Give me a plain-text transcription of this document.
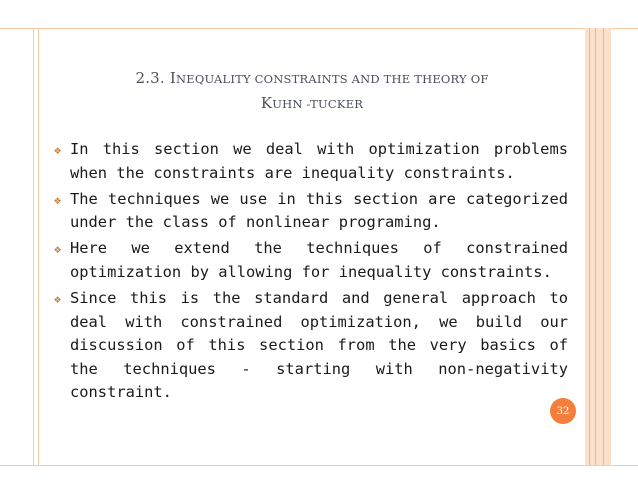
2.3. INEQUALITY CONSTRAINTS AND THE THEORY OF
KUHN -TUCKER
❖ In this section we deal with optimization problems when the constraints are inequality constraints.
❖ The techniques we use in this section are categorized under the class of nonlinear programing.
❖ Here we extend the techniques of constrained optimization by allowing for inequality constraints.
❖ Since this is the standard and general approach to deal with constrained optimization, we build our discussion of this section from the very basics of the techniques - starting with non-negativity constraint.
32
